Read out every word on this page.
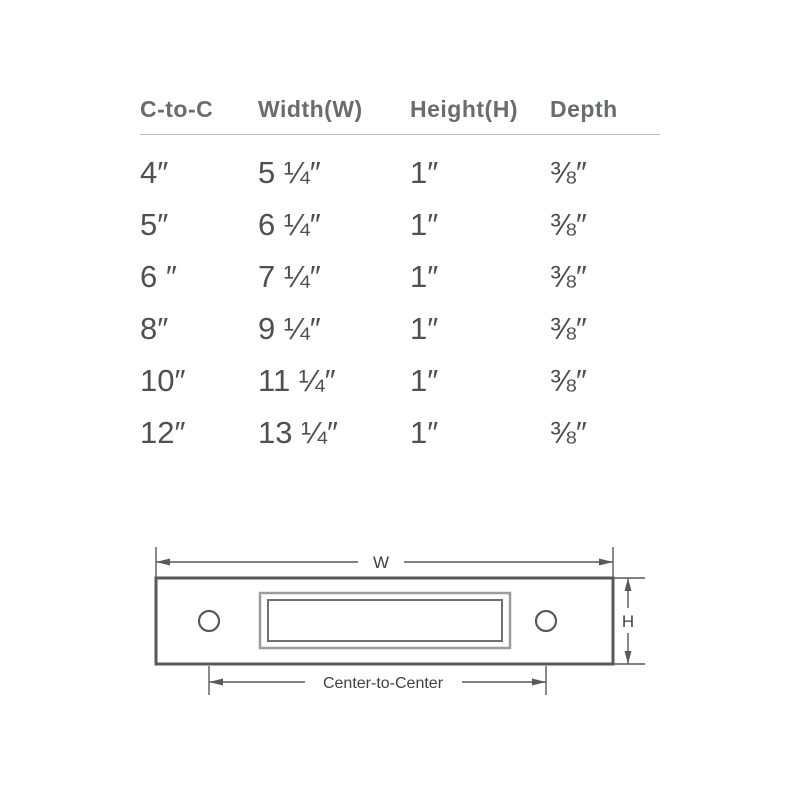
C-to-C	Width(W)	Height(H)	Depth
4″	5 ¼″	1″	⅜″
5″	6 ¼″	1″	⅜″
6 ″	7 ¼″	1″	⅜″
8″	9 ¼″	1″	⅜″
10″	11 ¼″	1″	⅜″
12″	13 ¼″	1″	⅜″
W
H
Center-to-Center
